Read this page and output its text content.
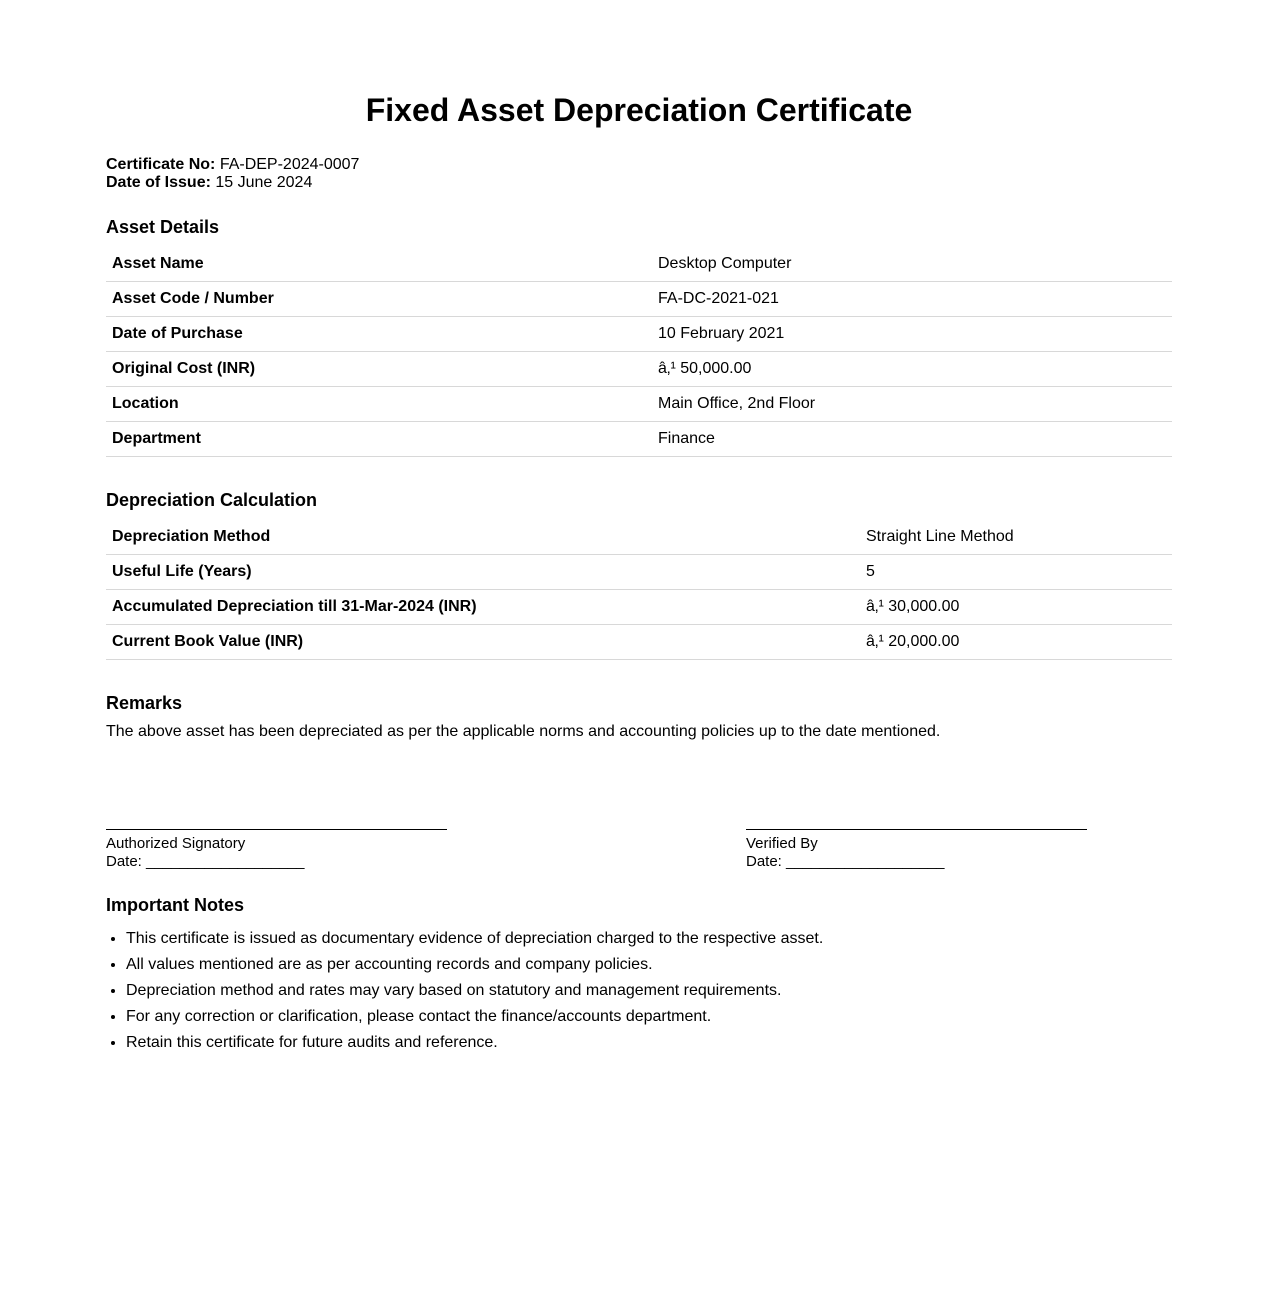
Fixed Asset Depreciation Certificate
Certificate No: FA-DEP-2024-0007
Date of Issue: 15 June 2024
Asset Details
Asset Name	Desktop Computer
Asset Code / Number	FA-DC-2021-021
Date of Purchase	10 February 2021
Original Cost (INR)	â‚¹ 50,000.00
Location	Main Office, 2nd Floor
Department	Finance
Depreciation Calculation
Depreciation Method	Straight Line Method
Useful Life (Years)	5
Accumulated Depreciation till 31-Mar-2024 (INR)	â‚¹ 30,000.00
Current Book Value (INR)	â‚¹ 20,000.00
Remarks
The above asset has been depreciated as per the applicable norms and accounting policies up to the date mentioned.
Authorized Signatory
Date: ___________________
Verified By
Date: ___________________
Important Notes
• This certificate is issued as documentary evidence of depreciation charged to the respective asset.
• All values mentioned are as per accounting records and company policies.
• Depreciation method and rates may vary based on statutory and management requirements.
• For any correction or clarification, please contact the finance/accounts department.
• Retain this certificate for future audits and reference.
